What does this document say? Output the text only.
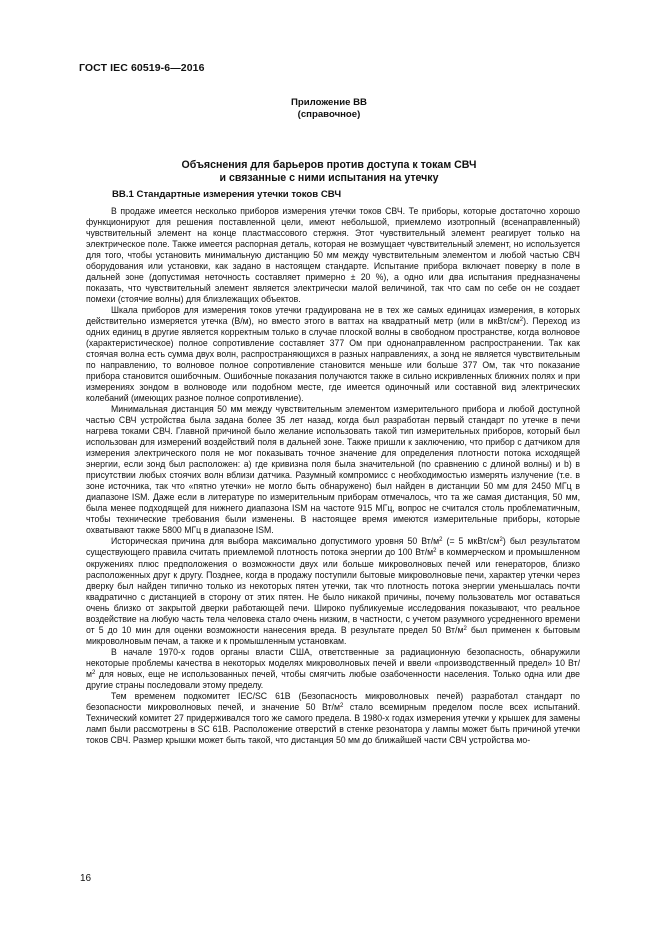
ГОСТ IEC 60519-6—2016
Приложение ВВ
(справочное)
Объяснения для барьеров против доступа к токам СВЧ
и связанные с ними испытания на утечку
ВВ.1 Стандартные измерения утечки токов СВЧ

В продаже имеется несколько приборов измерения утечки токов СВЧ. Те приборы, которые достаточно хорошо функционируют для решения поставленной цели, имеют небольшой, приемлемо изотропный (всенаправленный) чувствительный элемент на конце пластмассового стержня. Этот чувствительный элемент реагирует только на электрическое поле. Также имеется распорная деталь, которая не возмущает чувствительный элемент, но используется для того, чтобы установить минимальную дистанцию 50 мм между чувствительным элементом и любой частью СВЧ оборудования или установки, как задано в настоящем стандарте. Испытание прибора включает поверку в поле в дальней зоне (допустимая неточность составляет примерно ± 20 %), а одно или два испытания предназначены показать, что чувствительный элемент является электрически малой величиной, так что сам по себе он не создает помехи (стоячие волны) для близлежащих объектов.

Шкала приборов для измерения токов утечки градуирована не в тех же самых единицах измерения, в которых действительно измеряется утечка (В/м), но вместо этого в ваттах на квадратный метр (или в мкВт/$см^2$). Переход из одних единиц в другие является корректным только в случае плоской волны в свободном пространстве, когда волновое (характеристическое) полное сопротивление составляет 377 Ом при однонаправленном распространении. Так как стоячая волна есть сумма двух волн, распространяющихся в разных направлениях, а зонд не является чувствительным по направлению, то волновое полное сопротивление становится меньше или больше 377 Ом, так что показание прибора становится ошибочным. Ошибочные показания получаются также в сильно искривленных ближних полях и при измерениях зондом в волноводе или подобном месте, где имеется одиночный или составной вид электрических колебаний (имеющих разное полное сопротивление).

Минимальная дистанция 50 мм между чувствительным элементом измерительного прибора и любой доступной частью СВЧ устройства была задана более 35 лет назад, когда был разработан первый стандарт по утечке в печи нагрева токами СВЧ. Главной причиной было желание использовать такой тип измерительных приборов, который был использован для измерений воздействий поля в дальней зоне. Также пришли к заключению, что прибор с датчиком для измерения электрического поля не мог показывать точное значение для определения плотности потока исходящей энергии, если зонд был расположен: a) где кривизна поля была значительной (по сравнению с длиной волны) и b) в присутствии любых стоячих волн вблизи датчика. Разумный компромисс с необходимостью измерять излучение (т.е. в зоне источника, так что «пятно утечки» не могло быть обнаружено) был найден в дистанции 50 мм для 2450 МГц в диапазоне ISM. Даже если в литературе по измерительным приборам отмечалось, что та же самая дистанция, 50 мм, была менее подходящей для нижнего диапазона ISM на частоте 915 МГц, вопрос не считался столь проблематичным, чтобы технические требования были изменены. В настоящее время имеются измерительные приборы, которые охватывают также 5800 МГц в диапазоне ISM.

Историческая причина для выбора максимально допустимого уровня 50 $Вт/м^2$ (= 5 мкВт/$см^2$) был результатом существующего правила считать приемлемой плотность потока энергии до 100 $Вт/м^2$ в коммерческом и промышленном окружениях плюс предположения о возможности двух или больше микроволновых печей или генераторов, близко расположенных друг к другу. Позднее, когда в продажу поступили бытовые микроволновые печи, характер утечки через дверку был найден типично только из некоторых пятен утечки, так что плотность потока энергии уменьшалась почти квадратично с дистанцией в сторону от этих пятен. Не было никакой причины, почему пользователь мог оставаться очень близко от закрытой дверки работающей печи. Широко публикуемые исследования показывают, что реальное воздействие на любую часть тела человека стало очень низким, в частности, с учетом разумного усредненного времени от 5 до 10 мин для оценки возможности нанесения вреда. В результате предел 50 $Вт/м^2$ был применен к бытовым микроволновым печам, а также и к промышленным установкам.

В начале 1970-х годов органы власти США, ответственные за радиационную безопасность, обнаружили некоторые проблемы качества в некоторых моделях микроволновых печей и ввели «производственный предел» 10 $Вт/м^2$ для новых, еще не использованных печей, чтобы смягчить любые озабоченности населения. Только одна или две другие страны последовали этому пределу.

Тем временем подкомитет IEC/SC 61B (Безопасность микроволновых печей) разработал стандарт по безопасности микроволновых печей, и значение 50 $Вт/м^2$ стало всемирным пределом после всех испытаний. Технический комитет 27 придерживался того же самого предела. В 1980-х годах измерения утечки у крышек для замены ламп были рассмотрены в SC 61B. Расположение отверстий в стенке резонатора у лампы может быть причиной утечки токов СВЧ. Размер крышки может быть такой, что дистанция 50 мм до ближайшей части СВЧ устройства мо-

16
